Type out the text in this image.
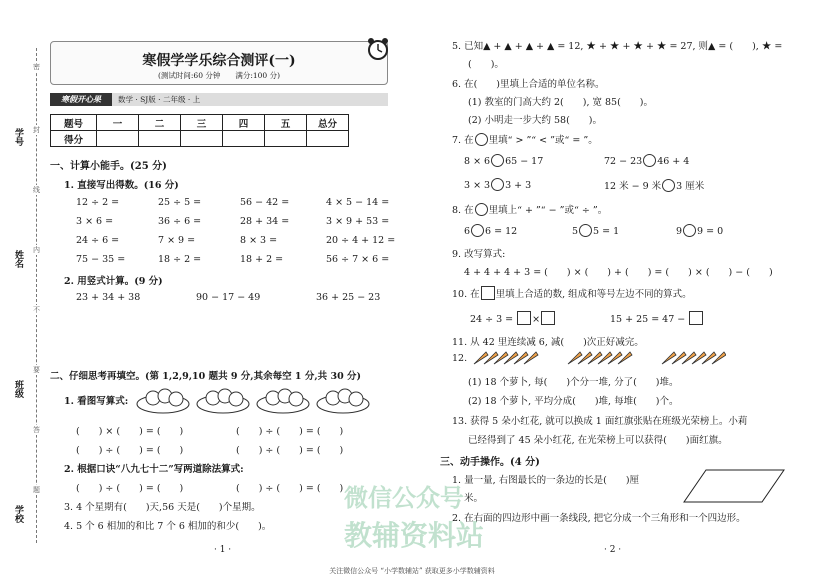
密
封
线
内
不
要
答
题
学号
姓名
班级
学校
寒假学学乐综合测评(一)
(测试时间:60 分钟　　满分:100 分)
寒假开心果	数学 · SJ版 · 二年级 · 上
题号	一	二	三	四	五	总分
得分						
一、计算小能手。(25 分)
1. 直接写出得数。(16 分)
12 ÷ 2 =	25 ÷ 5 =	56 − 42 =	4 × 5 − 14 =
3 × 6 =	36 ÷ 6 =	28 + 34 =	3 × 9 + 53 =
24 ÷ 6 =	7 × 9 =	8 × 3 =	20 ÷ 4 + 12 =
75 − 35 =	18 ÷ 2 =	18 + 2 =	56 ÷ 7 × 6 =
2. 用竖式计算。(9 分)
23 + 34 + 38	90 − 17 − 49	36 + 25 − 23
二、仔细思考再填空。(第 1,2,9,10 题共 9 分,其余每空 1 分,共 30 分)
1. 看图写算式:
(　　) × (　　) = (　　)	(　　) ÷ (　　) = (　　)
(　　) ÷ (　　) = (　　)	(　　) ÷ (　　) = (　　)
2. 根据口诀“八九七十二”写两道除法算式:
(　　) ÷ (　　) = (　　)	(　　) ÷ (　　) = (　　)
3. 4 个星期有(　　)天,56 天是(　　)个星期。
4. 5 个 6 相加的和比 7 个 6 相加的和少(　　)。
· 1 ·
5. 已知▲ + ▲ + ▲ + ▲ = 12, ★ + ★ + ★ + ★ = 27, 则▲ = (　　), ★ =
(　　)。
6. 在(　　)里填上合适的单位名称。
(1) 教室的门高大约 2(　　), 宽 85(　　)。
(2) 小明走一步大约 58(　　)。
7. 在 里填“ > ”“ < ”或“ = ”。
8 × 6 65 − 17	72 − 23 46 + 4
3 × 3 3 + 3	12 米 − 9 米 3 厘米
8. 在 里填上“ + ”“ − ”或“ ÷ ”。
6 6 = 12	5 5 = 1	9 9 = 0
9. 改写算式:
4 + 4 + 4 + 3 = (　　) × (　　) + (　　) = (　　) × (　　) − (　　)
10. 在 里填上合适的数, 组成和等号左边不同的算式。
24 ÷ 3 = ×	15 + 25 = 47 −
11. 从 42 里连续减 6, 减(　　)次正好减完。
12.
(1) 18 个萝卜, 每(　　)个分一堆, 分了(　　)堆。
(2) 18 个萝卜, 平均分成(　　)堆, 每堆(　　)个。
13. 获得 5 朵小红花, 就可以换成 1 面红旗张贴在班级光荣榜上。小莉
已经得到了 45 朵小红花, 在光荣榜上可以获得(　　)面红旗。
三、动手操作。(4 分)
1. 量一量, 右图最长的一条边的长是(　　)厘
米。
2. 在右面的四边形中画一条线段, 把它分成一个三角形和一个四边形。
· 2 ·
微信公众号
教辅资料站
关注微信公众号 “小学数辅站” 获取更多小学数辅资料
